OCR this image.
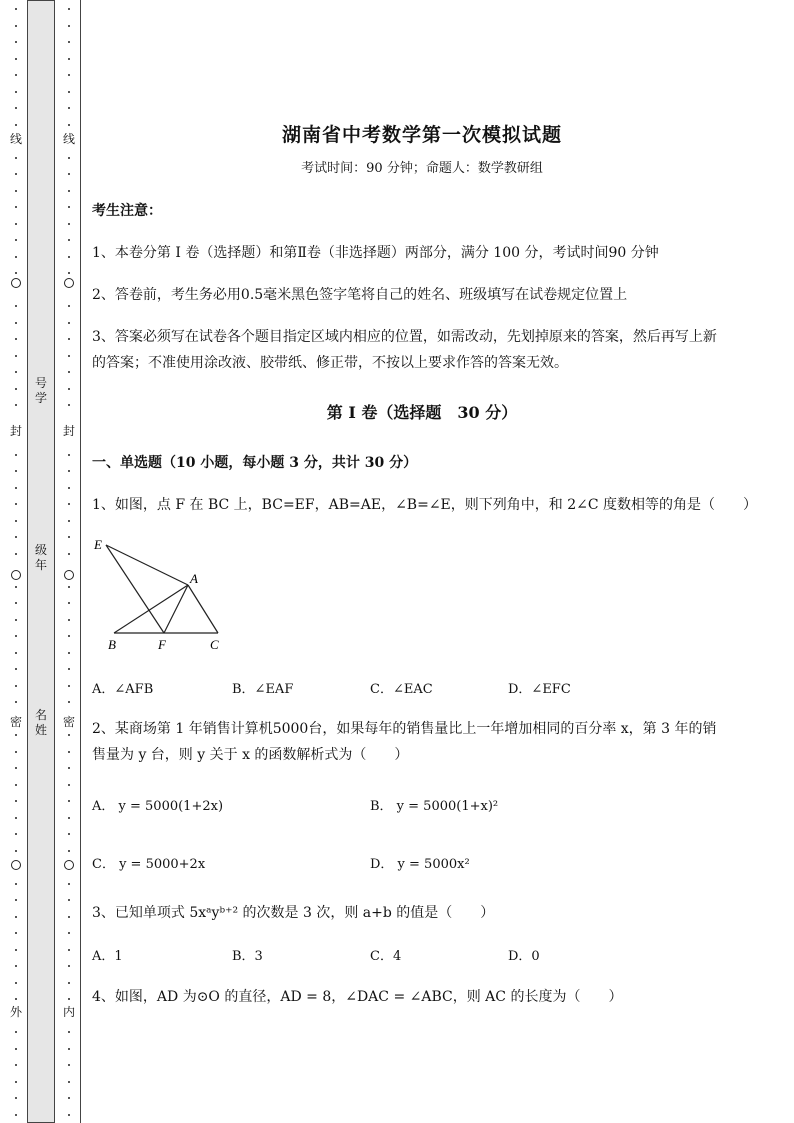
线
封
密
外
号学
级年
名姓
线
封
密
内
湖南省中考数学第一次模拟试题
考试时间：90 分钟；命题人：数学教研组
考生注意：
1、本卷分第 I 卷（选择题）和第Ⅱ卷（非选择题）两部分，满分 100 分，考试时间90 分钟
2、答卷前，考生务必用0.5毫米黑色签字笔将自己的姓名、班级填写在试卷规定位置上
3、答案必须写在试卷各个题目指定区域内相应的位置，如需改动，先划掉原来的答案，然后再写上新
的答案；不准使用涂改液、胶带纸、修正带，不按以上要求作答的答案无效。
第 I 卷（选择题　30 分）
一、单选题（10 小题，每小题 3 分，共计 30 分）
1、如图，点 F 在 BC 上，BC=EF，AB=AE，∠B=∠E，则下列角中，和 2∠C 度数相等的角是（　　）
E
A
B	F	C
A．∠AFB	B．∠EAF	C．∠EAC	D．∠EFC
2、某商场第 1 年销售计算机5000台，如果每年的销售量比上一年增加相同的百分率 x，第 3 年的销
售量为 y 台，则 y 关于 x 的函数解析式为（　　）
A． y = 5000(1+2x)	B． y = 5000(1+x)²
C． y = 5000+2x	D． y = 5000x²
3、已知单项式 5xᵃyᵇ⁺² 的次数是 3 次，则 a+b 的值是（　　）
A．1	B．3	C．4	D．0
4、如图，AD 为⊙O 的直径，AD = 8，∠DAC = ∠ABC，则 AC 的长度为（　　）
